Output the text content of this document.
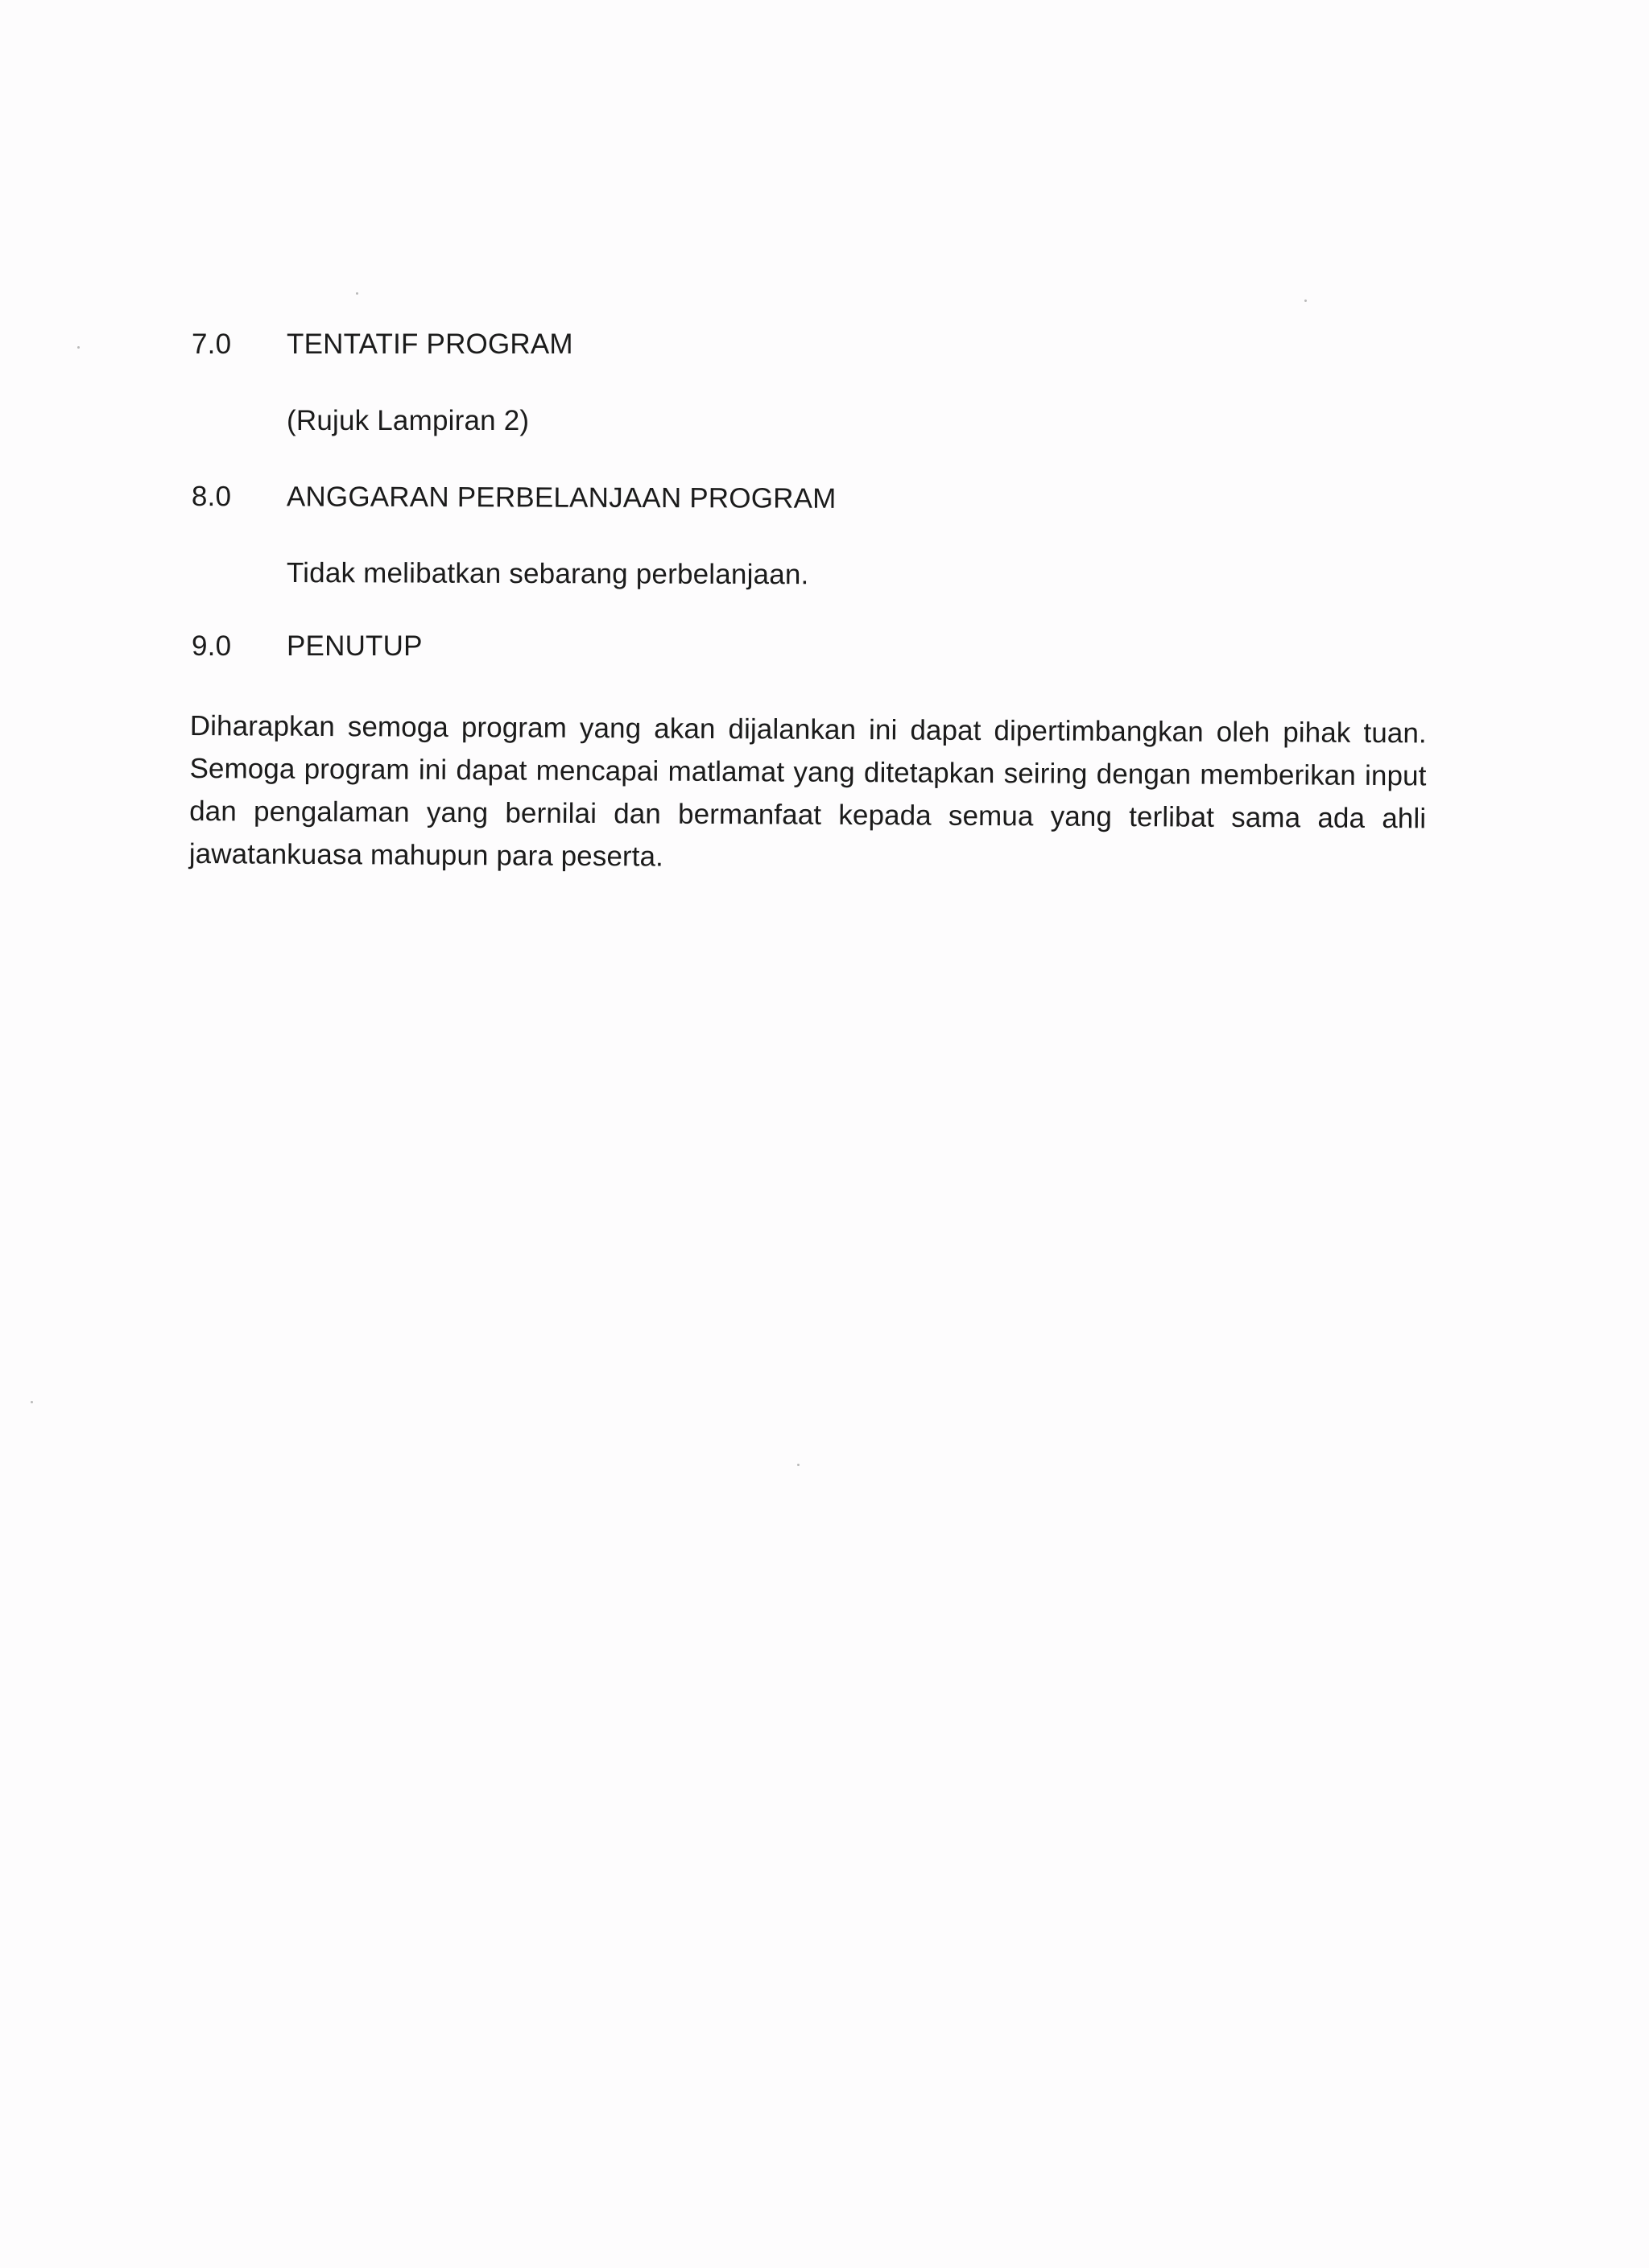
7.0	TENTATIF PROGRAM
(Rujuk Lampiran 2)
8.0	ANGGARAN PERBELANJAAN PROGRAM
Tidak melibatkan sebarang perbelanjaan.
9.0	PENUTUP
Diharapkan semoga program yang akan dijalankan ini dapat dipertimbangkan oleh pihak tuan. Semoga program ini dapat mencapai matlamat yang ditetapkan seiring dengan memberikan input dan pengalaman yang bernilai dan bermanfaat kepada semua yang terlibat sama ada ahli jawatankuasa mahupun para peserta.
